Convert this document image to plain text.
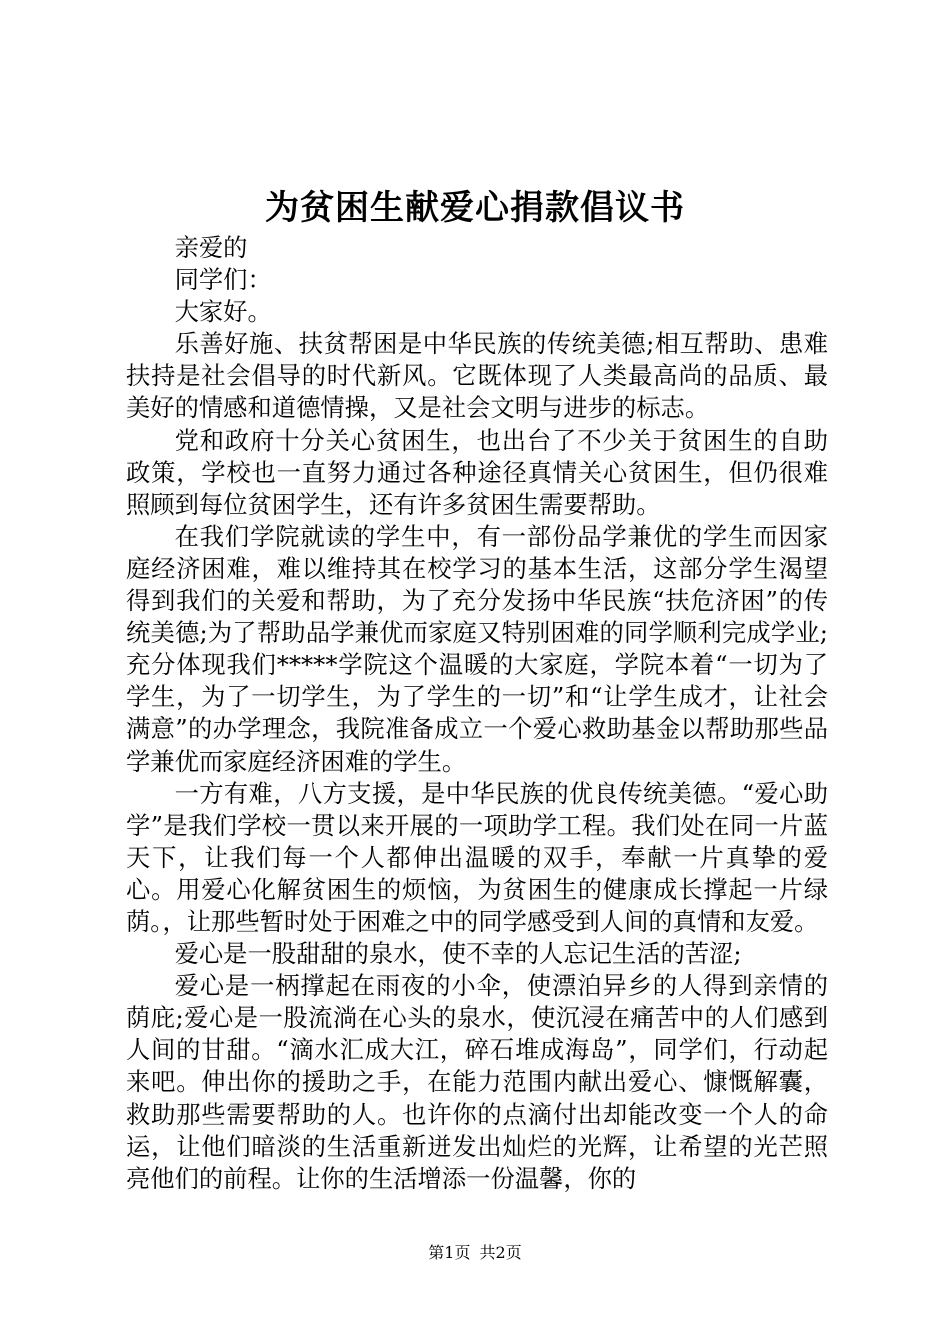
为贫困生献爱心捐款倡议书

亲爱的

同学们：

大家好。

乐善好施、扶贫帮困是中华民族的传统美德;相互帮助、患难扶持是社会倡导的时代新风。它既体现了人类最高尚的品质、最美好的情感和道德情操，又是社会文明与进步的标志。

党和政府十分关心贫困生，也出台了不少关于贫困生的自助政策，学校也一直努力通过各种途径真情关心贫困生，但仍很难照顾到每位贫困学生，还有许多贫困生需要帮助。

在我们学院就读的学生中，有一部份品学兼优的学生而因家庭经济困难，难以维持其在校学习的基本生活，这部分学生渴望得到我们的关爱和帮助，为了充分发扬中华民族“扶危济困”的传统美德;为了帮助品学兼优而家庭又特别困难的同学顺利完成学业;充分体现我们*****学院这个温暖的大家庭，学院本着“一切为了学生，为了一切学生，为了学生的一切”和“让学生成才，让社会满意”的办学理念，我院准备成立一个爱心救助基金以帮助那些品学兼优而家庭经济困难的学生。

一方有难，八方支援，是中华民族的优良传统美德。“爱心助学”是我们学校一贯以来开展的一项助学工程。我们处在同一片蓝天下，让我们每一个人都伸出温暖的双手，奉献一片真挚的爱心。用爱心化解贫困生的烦恼，为贫困生的健康成长撑起一片绿荫。，让那些暂时处于困难之中的同学感受到人间的真情和友爱。

爱心是一股甜甜的泉水，使不幸的人忘记生活的苦涩;

爱心是一柄撑起在雨夜的小伞，使漂泊异乡的人得到亲情的荫庇;爱心是一股流淌在心头的泉水，使沉浸在痛苦中的人们感到人间的甘甜。“滴水汇成大江，碎石堆成海岛”，同学们，行动起来吧。伸出你的援助之手，在能力范围内献出爱心、慷慨解囊，救助那些需要帮助的人。也许你的点滴付出却能改变一个人的命运，让他们暗淡的生活重新迸发出灿烂的光辉，让希望的光芒照亮他们的前程。让你的生活增添一份温馨，你的

第1页 共2页
